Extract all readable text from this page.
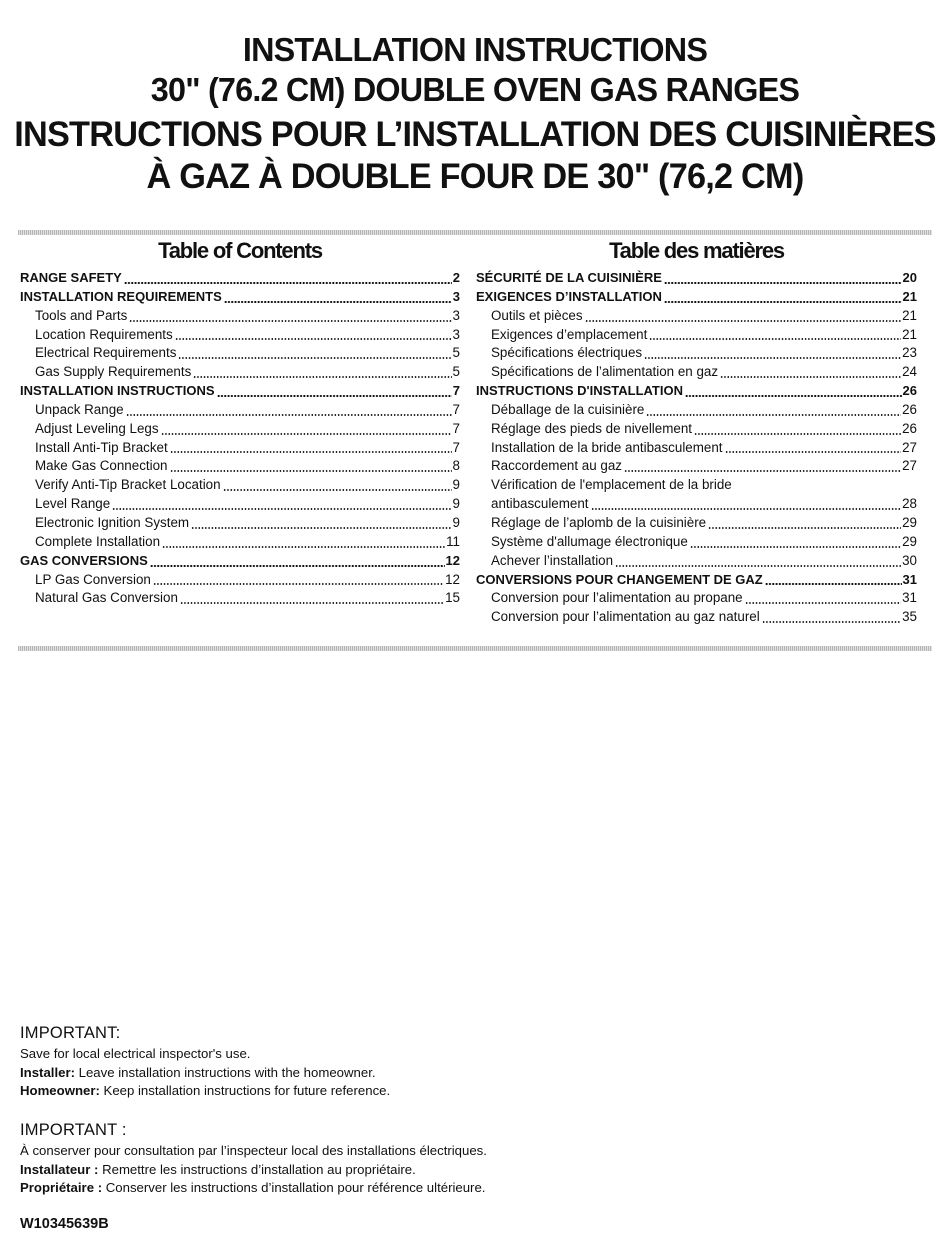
INSTALLATION INSTRUCTIONS
30" (76.2 CM) DOUBLE OVEN GAS RANGES
INSTRUCTIONS POUR L’INSTALLATION DES CUISINIÈRES
À GAZ À DOUBLE FOUR DE 30" (76,2 CM)
Table of Contents
RANGE SAFETY	2
INSTALLATION REQUIREMENTS	3
Tools and Parts	3
Location Requirements	3
Electrical Requirements	5
Gas Supply Requirements	5
INSTALLATION INSTRUCTIONS	7
Unpack Range	7
Adjust Leveling Legs	7
Install Anti-Tip Bracket	7
Make Gas Connection	8
Verify Anti-Tip Bracket Location	9
Level Range	9
Electronic Ignition System	9
Complete Installation	11
GAS CONVERSIONS	12
LP Gas Conversion	12
Natural Gas Conversion	15
Table des matières
SÉCURITÉ DE LA CUISINIÈRE	20
EXIGENCES D’INSTALLATION	21
Outils et pièces	21
Exigences d’emplacement	21
Spécifications électriques	23
Spécifications de l’alimentation en gaz	24
INSTRUCTIONS D'INSTALLATION	26
Déballage de la cuisinière	26
Réglage des pieds de nivellement	26
Installation de la bride antibasculement	27
Raccordement au gaz	27
Vérification de l'emplacement de la bride
antibasculement	28
Réglage de l’aplomb de la cuisinière	29
Système d'allumage électronique	29
Achever l’installation	30
CONVERSIONS POUR CHANGEMENT DE GAZ	31
Conversion pour l’alimentation au propane	31
Conversion pour l’alimentation au gaz naturel	35
IMPORTANT:
Save for local electrical inspector's use.
Installer: Leave installation instructions with the homeowner.
Homeowner: Keep installation instructions for future reference.
IMPORTANT :
À conserver pour consultation par l’inspecteur local des installations électriques.
Installateur : Remettre les instructions d’installation au propriétaire.
Propriétaire : Conserver les instructions d’installation pour référence ultérieure.
W10345639B
